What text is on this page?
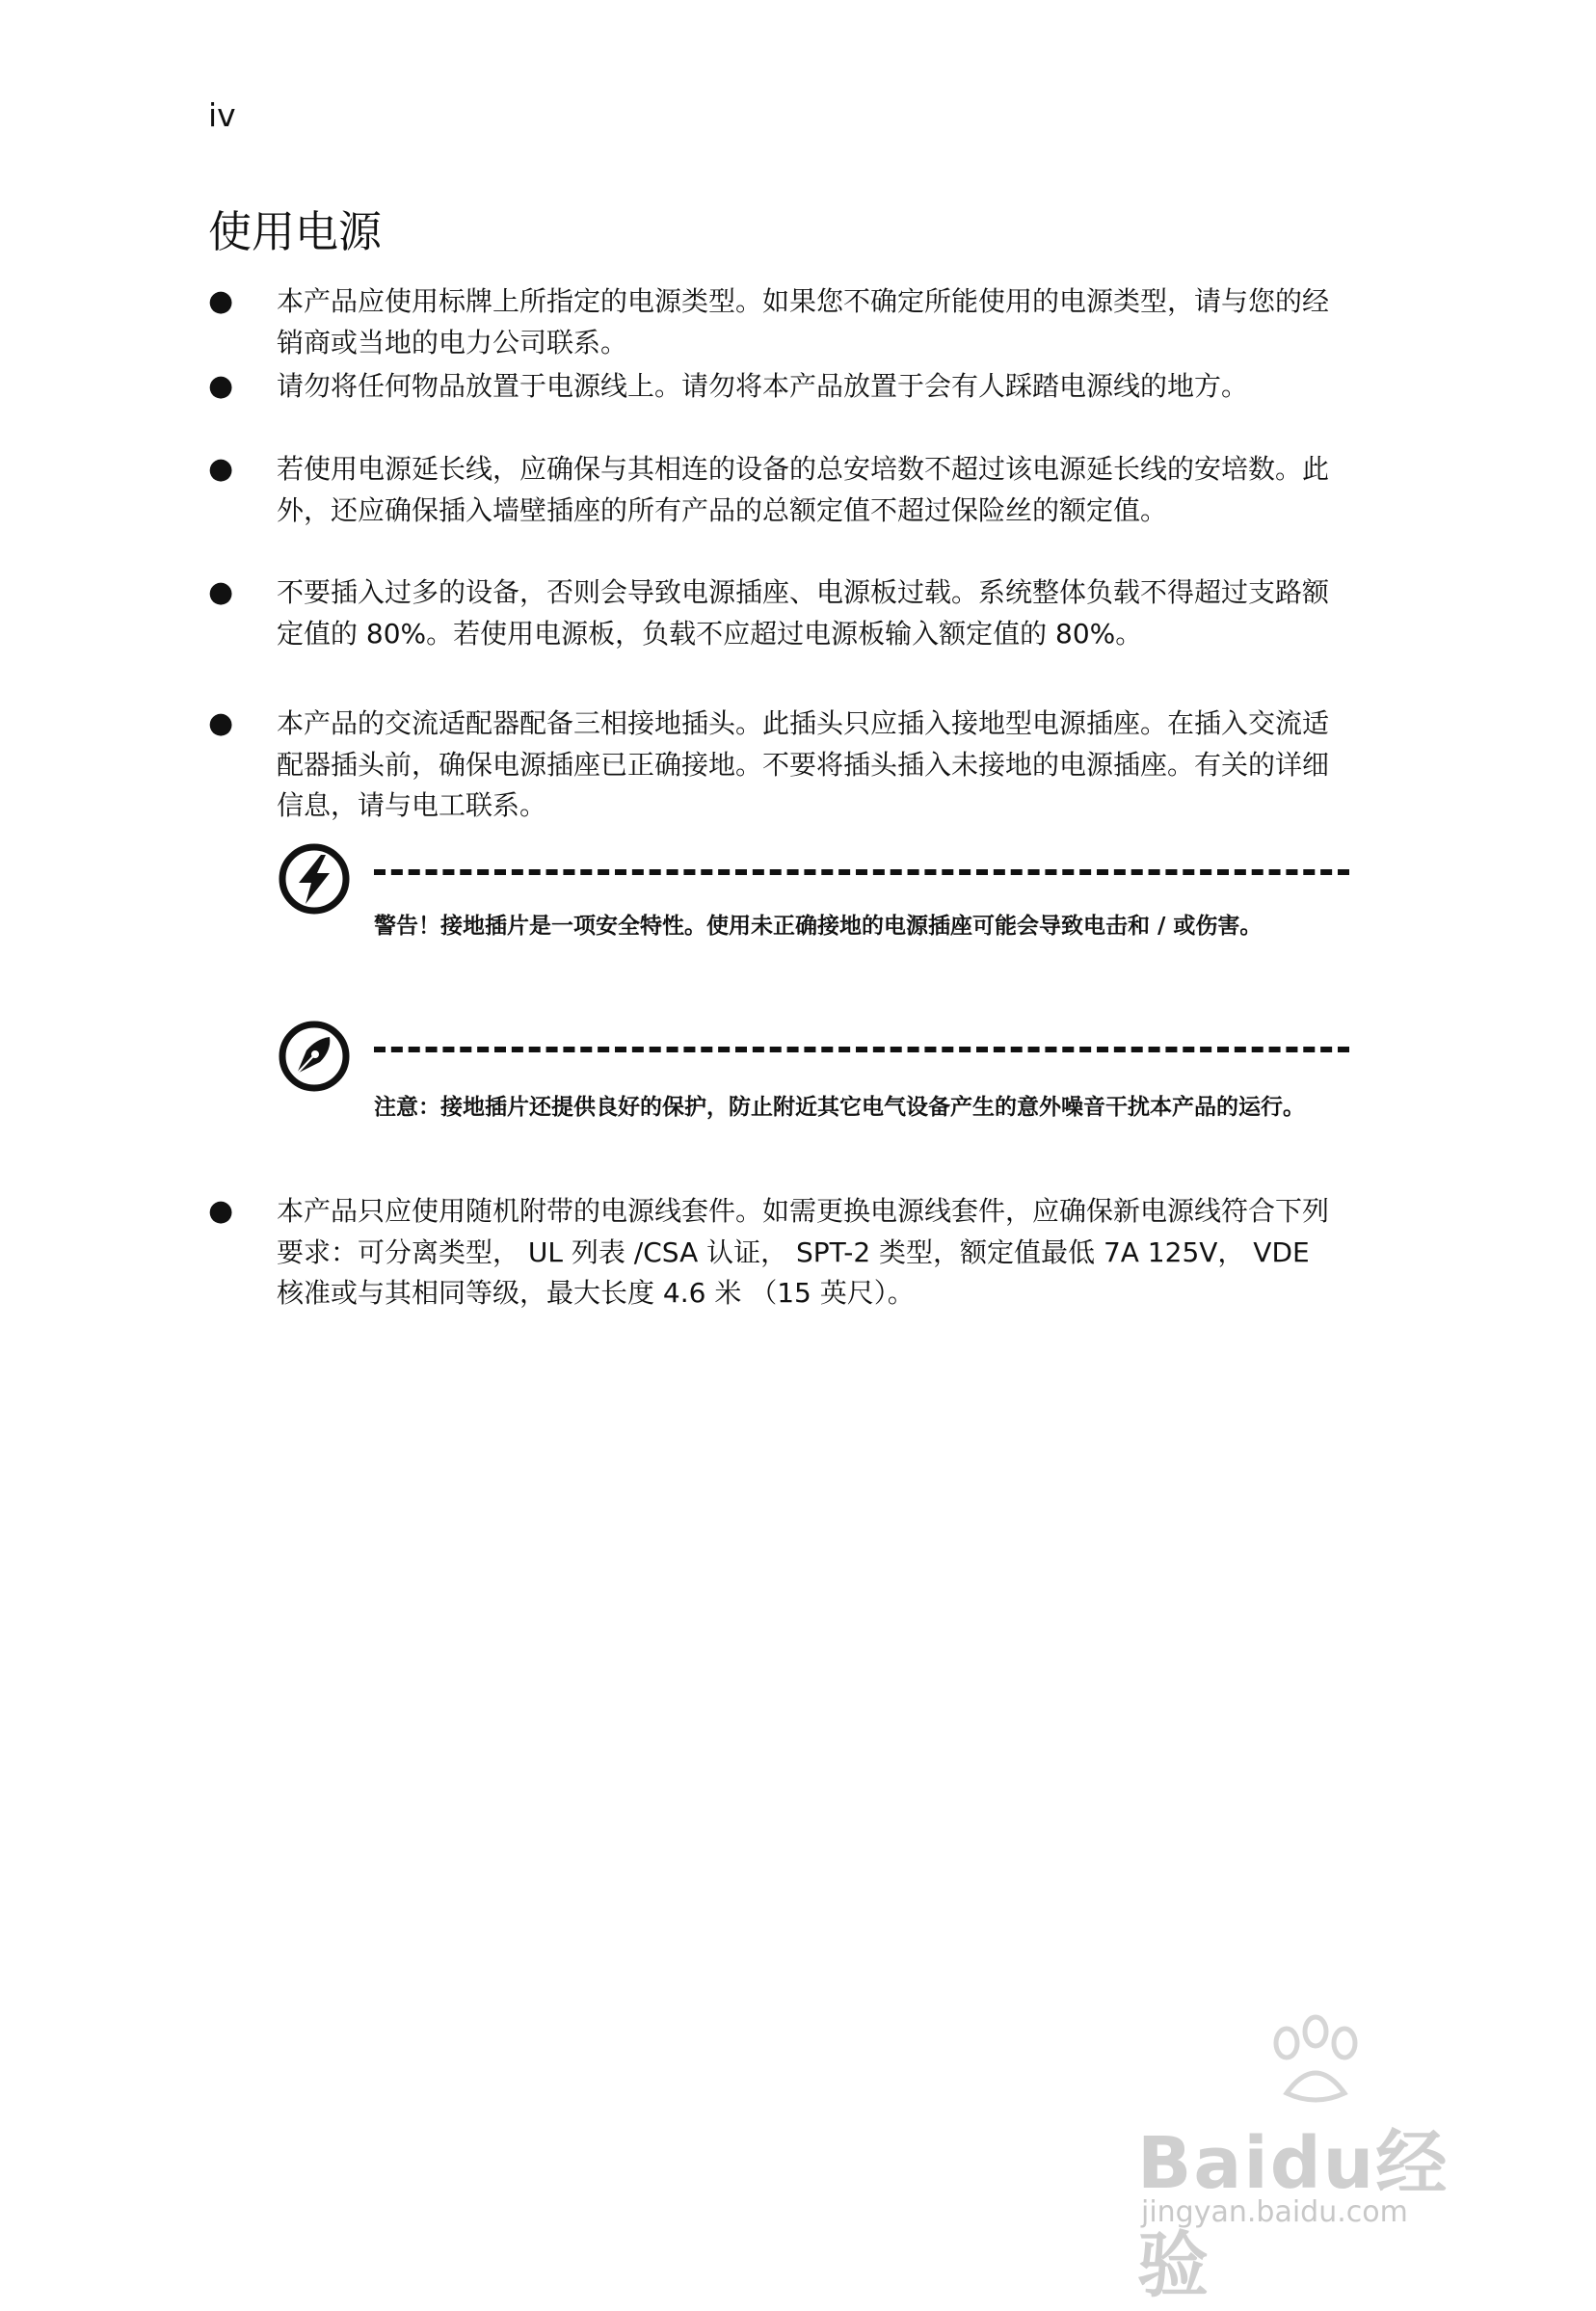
iv
使用电源
● 本产品应使用标牌上所指定的电源类型。如果您不确定所能使用的电源类型，请与您的经销商或当地的电力公司联系。

● 请勿将任何物品放置于电源线上。请勿将本产品放置于会有人踩踏电源线的地方。

● 若使用电源延长线，应确保与其相连的设备的总安培数不超过该电源延长线的安培数。此外，还应确保插入墙壁插座的所有产品的总额定值不超过保险丝的额定值。

● 不要插入过多的设备，否则会导致电源插座、电源板过载。系统整体负载不得超过支路额定值的 80%。若使用电源板，负载不应超过电源板输入额定值的 80%。

● 本产品的交流适配器配备三相接地插头。此插头只应插入接地型电源插座。在插入交流适配器插头前，确保电源插座已正确接地。不要将插头插入未接地的电源插座。有关的详细信息，请与电工联系。

● 本产品只应使用随机附带的电源线套件。如需更换电源线套件，应确保新电源线符合下列要求：可分离类型， UL 列表 /CSA 认证， SPT-2 类型，额定值最低 7A 125V， VDE 核准或与其相同等级，最大长度 4.6 米 （15 英尺）。

警告！接地插片是一项安全特性。使用未正确接地的电源插座可能会导致电击和 / 或伤害。

注意：接地插片还提供良好的保护，防止附近其它电气设备产生的意外噪音干扰本产品的运行。

Baidu经验
jingyan.baidu.com
